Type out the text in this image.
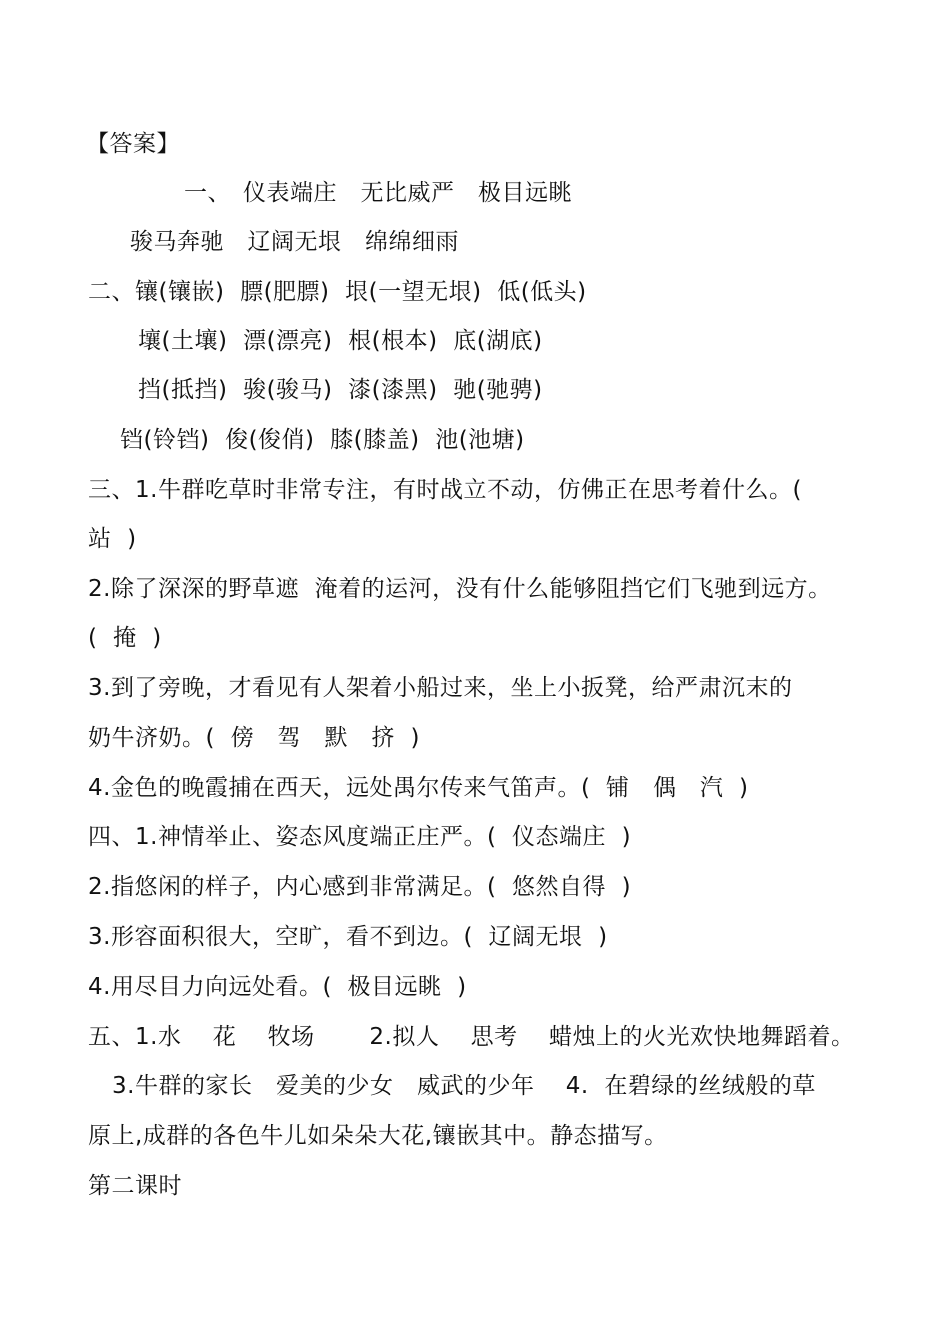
【答案】
一、　仪表端庄　无比威严　极目远眺
骏马奔驰　辽阔无垠　绵绵细雨
二、镶(镶嵌)  膘(肥膘)  垠(一望无垠)  低(低头)
壤(土壤)  漂(漂亮)  根(根本)  底(湖底)
挡(抵挡)  骏(骏马)  漆(漆黑)  驰(驰骋)
铛(铃铛)  俊(俊俏)  膝(膝盖)  池(池塘)
三、1.牛群吃草时非常专注，有时战立不动，仿佛正在思考着什么。(
站  )
2.除了深深的野草遮  淹着的运河，没有什么能够阻挡它们飞驰到远方。
(  掩  )
3.到了旁晚，才看见有人架着小船过来，坐上小扳凳，给严肃沉末的
奶牛济奶。(  傍   驾   默   挤  )
4.金色的晚霞捕在西天，远处禺尔传来气笛声。(  铺   偶   汽  )
四、1.神情举止、姿态风度端正庄严。(  仪态端庄  )
2.指悠闲的样子，内心感到非常满足。(  悠然自得  )
3.形容面积很大，空旷，看不到边。(  辽阔无垠  )
4.用尽目力向远处看。(  极目远眺  )
五、1.水　 花　 牧场　　 2.拟人　 思考　 蜡烛上的火光欢快地舞蹈着。
3.牛群的家长　爱美的少女　威武的少年　 4.  在碧绿的丝绒般的草
原上,成群的各色牛儿如朵朵大花,镶嵌其中。静态描写。
第二课时
